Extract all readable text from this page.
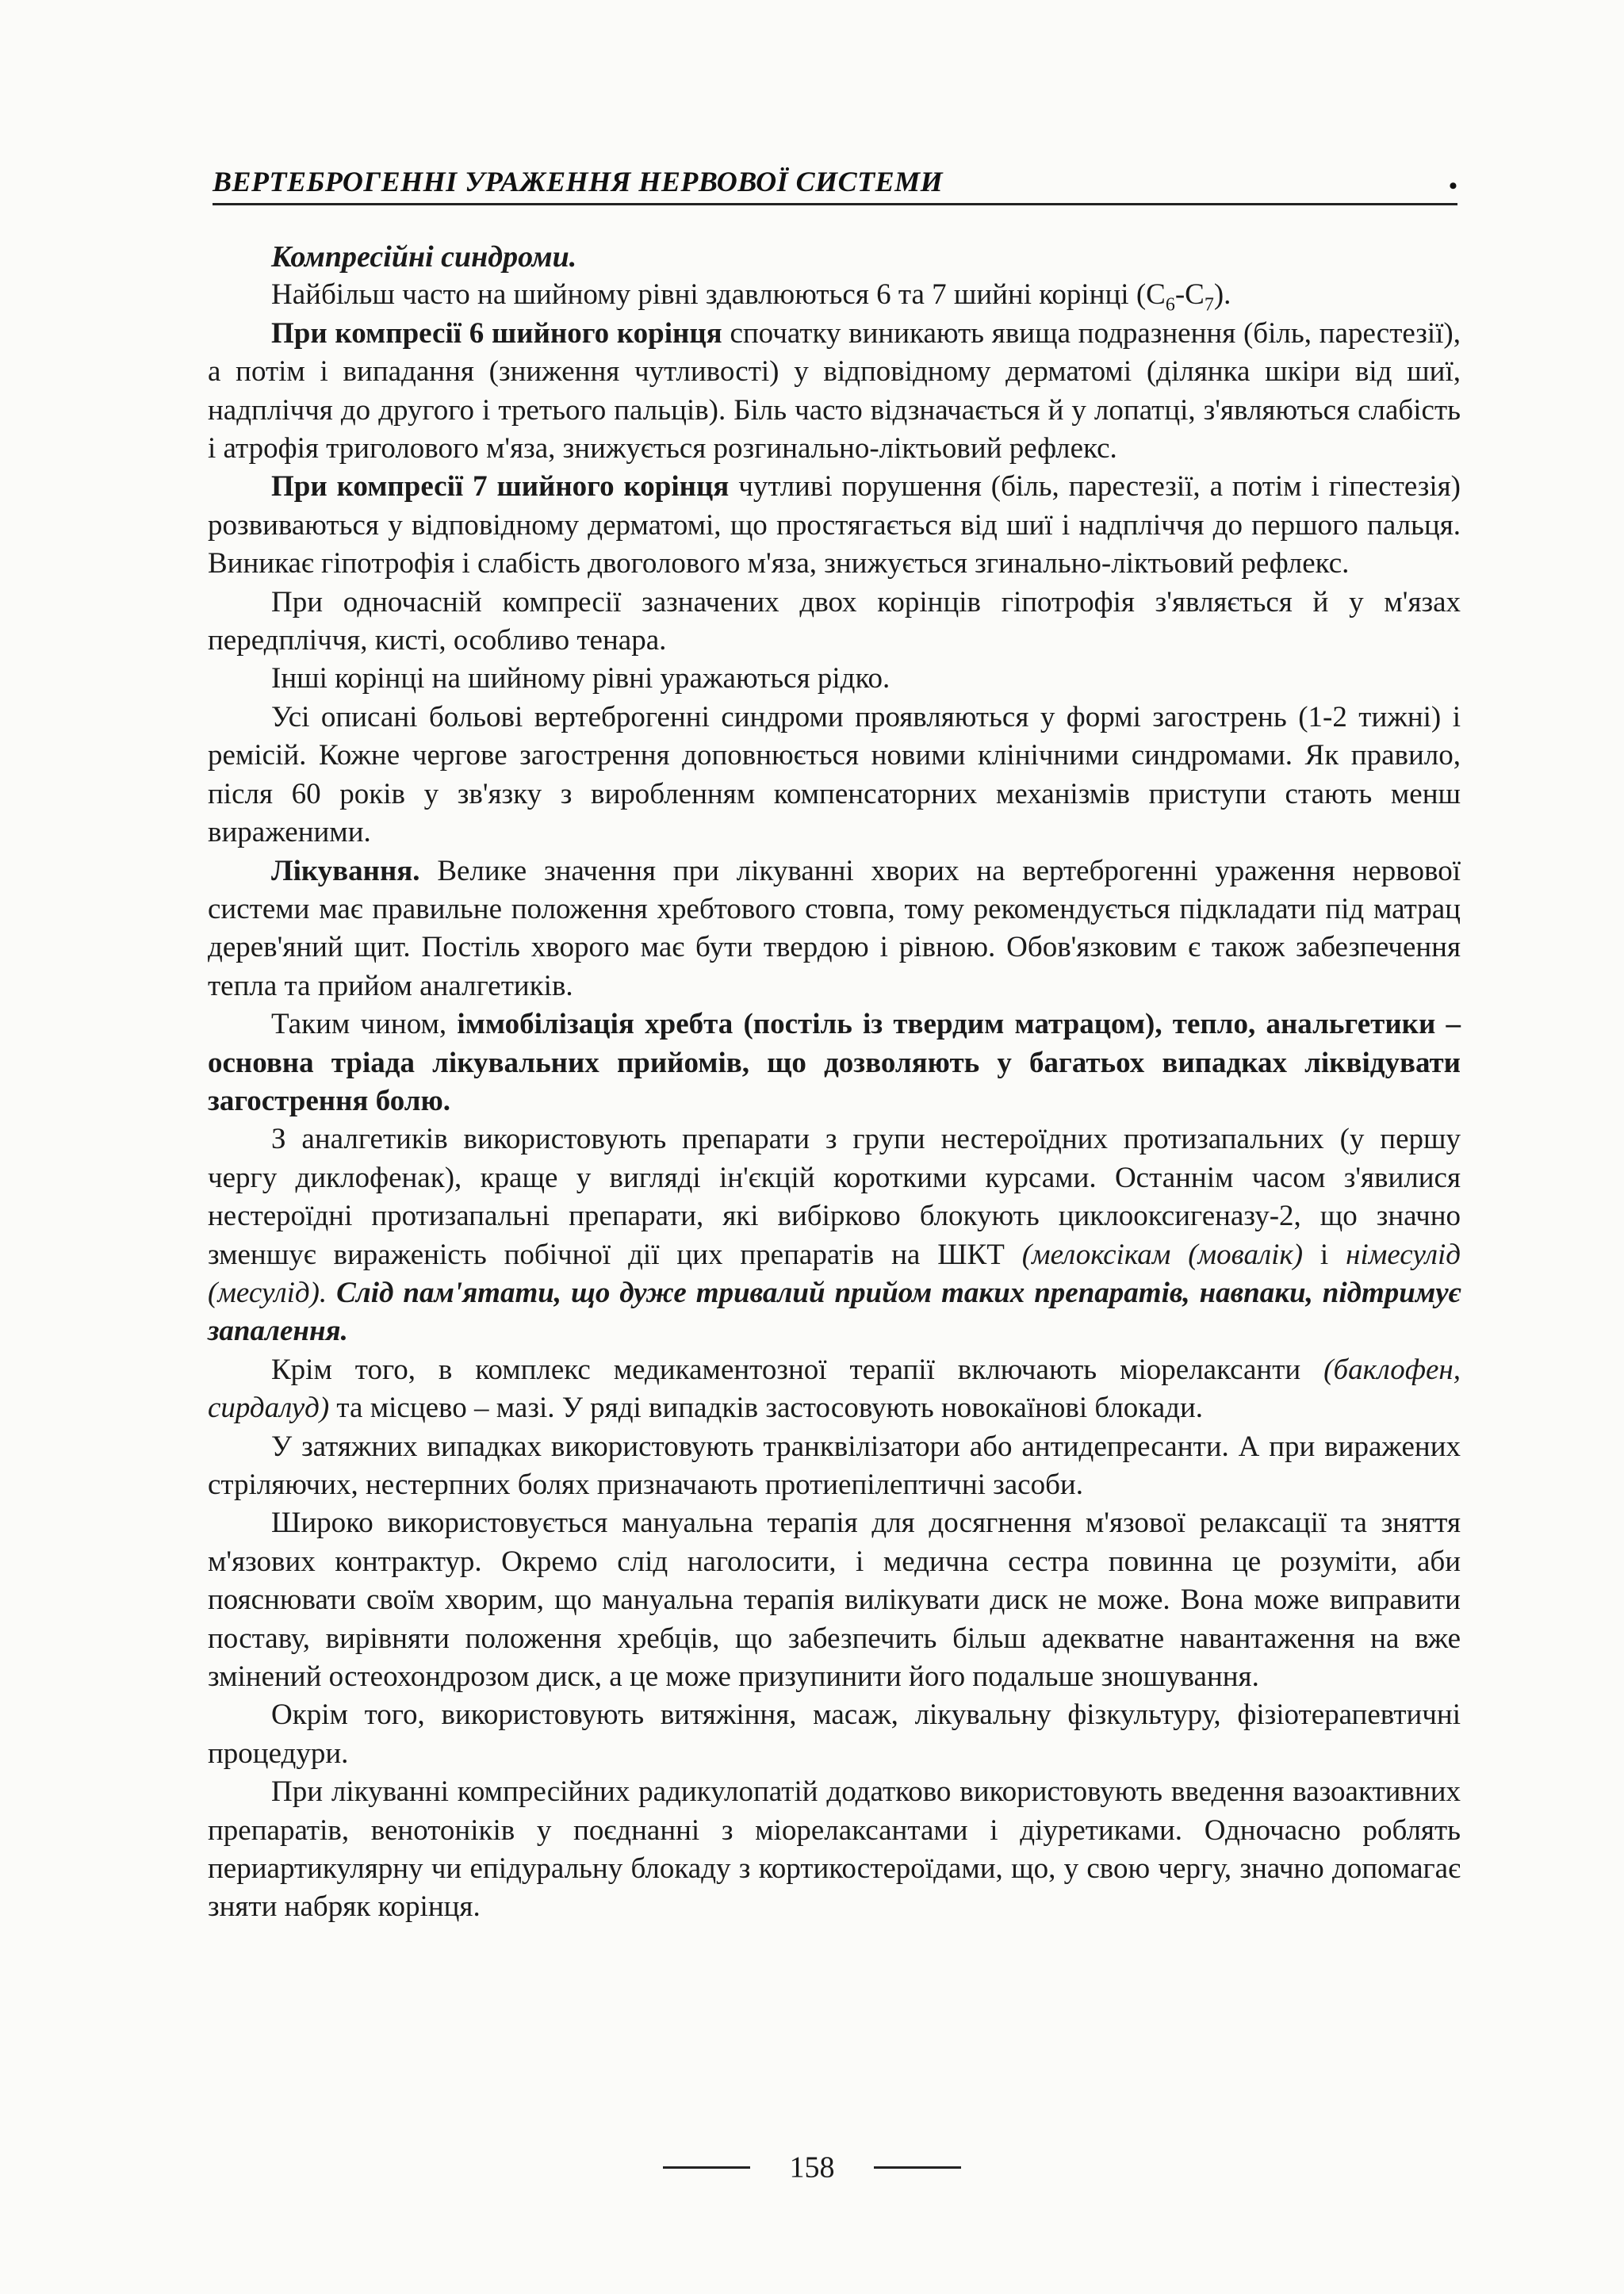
ВЕРТЕБРОГЕННІ УРАЖЕННЯ НЕРВОВОЇ СИСТЕМИ	•

Компресійні синдроми.

Найбільш часто на шийному рівні здавлюються 6 та 7 шийні корінці $(C_6-C_7)$.

При компресії 6 шийного корінця спочатку виникають явища подразнення (біль, парестезії), а потім і випадання (зниження чутливості) у відповідному дерматомі (ділянка шкіри від шиї, надпліччя до другого і третього пальців). Біль часто відзначається й у лопатці, з'являються слабість і атрофія триголового м'яза, знижується розгинально-ліктьовий рефлекс.

При компресії 7 шийного корінця чутливі порушення (біль, парестезії, а потім і гіпестезія) розвиваються у відповідному дерматомі, що простягається від шиї і надпліччя до першого пальця. Виникає гіпотрофія і слабість двоголового м'яза, знижується згинально-ліктьовий рефлекс.

При одночасній компресії зазначених двох корінців гіпотрофія з'являється й у м'язах передпліччя, кисті, особливо тенара.

Інші корінці на шийному рівні уражаються рідко.

Усі описані больові вертеброгенні синдроми проявляються у формі загострень (1-2 тижні) і ремісій. Кожне чергове загострення доповнюється новими клінічними синдромами. Як правило, після 60 років у зв'язку з виробленням компенсаторних механізмів приступи стають менш вираженими.

Лікування. Велике значення при лікуванні хворих на вертеброгенні ураження нервової системи має правильне положення хребтового стовпа, тому рекомендується підкладати під матрац дерев'яний щит. Постіль хворого має бути твердою і рівною. Обов'язковим є також забезпечення тепла та прийом аналгетиків.

Таким чином, іммобілізація хребта (постіль із твердим матрацом), тепло, анальгетики – основна тріада лікувальних прийомів, що дозволяють у багатьох випадках ліквідувати загострення болю.

З аналгетиків використовують препарати з групи нестероїдних протизапальних (у першу чергу диклофенак), краще у вигляді ін'єкцій короткими курсами. Останнім часом з'явилися нестероїдні протизапальні препарати, які вибірково блокують циклооксигеназу-2, що значно зменшує вираженість побічної дії цих препаратів на ШКТ (мелоксікам (мовалік) і німесулід (месулід). Слід пам'ятати, що дуже тривалий прийом таких препаратів, навпаки, підтримує запалення.

Крім того, в комплекс медикаментозної терапії включають міорелаксанти (баклофен, сирдалуд) та місцево – мазі. У ряді випадків застосовують новокаїнові блокади.

У затяжних випадках використовують транквілізатори або антидепресанти. А при виражених стріляючих, нестерпних болях призначають протиепілептичні засоби.

Широко використовується мануальна терапія для досягнення м'язової релаксації та зняття м'язових контрактур. Окремо слід наголосити, і медична сестра повинна це розуміти, аби пояснювати своїм хворим, що мануальна терапія вилікувати диск не може. Вона може виправити поставу, вирівняти положення хребців, що забезпечить більш адекватне навантаження на вже змінений остеохондрозом диск, а це може призупинити його подальше зношування.

Окрім того, використовують витяжіння, масаж, лікувальну фізкультуру, фізіотерапевтичні процедури.

При лікуванні компресійних радикулопатій додатково використовують введення вазоактивних препаратів, венотоніків у поєднанні з міорелаксантами і діуретиками. Одночасно роблять периартикулярну чи епідуральну блокаду з кортикостероїдами, що, у свою чергу, значно допомагає зняти набряк корінця.

158
